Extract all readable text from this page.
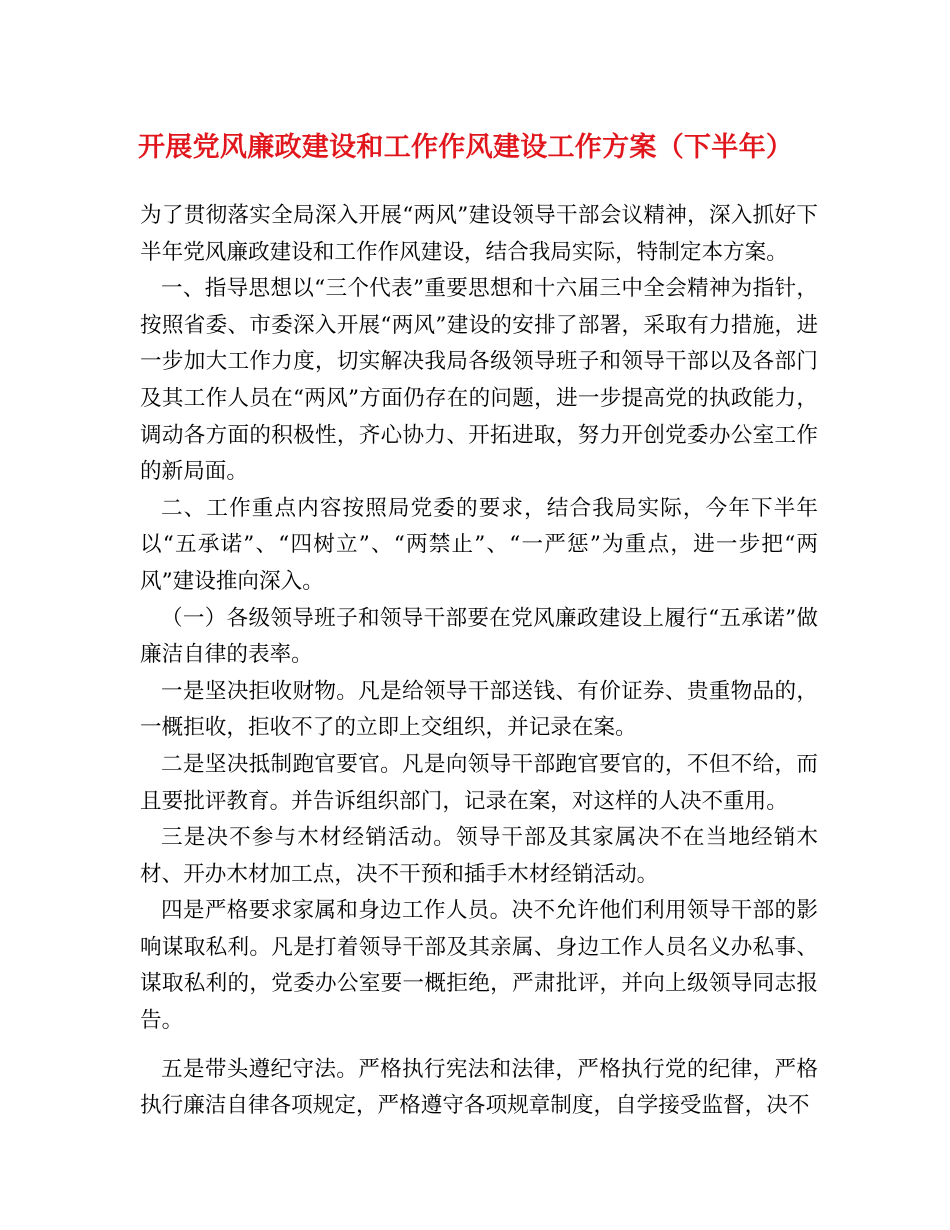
开展党风廉政建设和工作作风建设工作方案（下半年）

为了贯彻落实全局深入开展“两风”建设领导干部会议精神，深入抓好下半年党风廉政建设和工作作风建设，结合我局实际，特制定本方案。

一、指导思想以“三个代表”重要思想和十六届三中全会精神为指针，按照省委、市委深入开展“两风”建设的安排了部署，采取有力措施，进一步加大工作力度，切实解决我局各级领导班子和领导干部以及各部门及其工作人员在“两风”方面仍存在的问题，进一步提高党的执政能力，调动各方面的积极性，齐心协力、开拓进取，努力开创党委办公室工作的新局面。

二、工作重点内容按照局党委的要求，结合我局实际，今年下半年以“五承诺”、“四树立”、“两禁止”、“一严惩”为重点，进一步把“两风”建设推向深入。

（一）各级领导班子和领导干部要在党风廉政建设上履行“五承诺”做廉洁自律的表率。

一是坚决拒收财物。凡是给领导干部送钱、有价证券、贵重物品的，一概拒收，拒收不了的立即上交组织，并记录在案。

二是坚决抵制跑官要官。凡是向领导干部跑官要官的，不但不给，而且要批评教育。并告诉组织部门，记录在案，对这样的人决不重用。

三是决不参与木材经销活动。领导干部及其家属决不在当地经销木材、开办木材加工点，决不干预和插手木材经销活动。

四是严格要求家属和身边工作人员。决不允许他们利用领导干部的影响谋取私利。凡是打着领导干部及其亲属、身边工作人员名义办私事、谋取私利的，党委办公室要一概拒绝，严肃批评，并向上级领导同志报告。

五是带头遵纪守法。严格执行宪法和法律，严格执行党的纪律，严格执行廉洁自律各项规定，严格遵守各项规章制度，自学接受监督，决不
